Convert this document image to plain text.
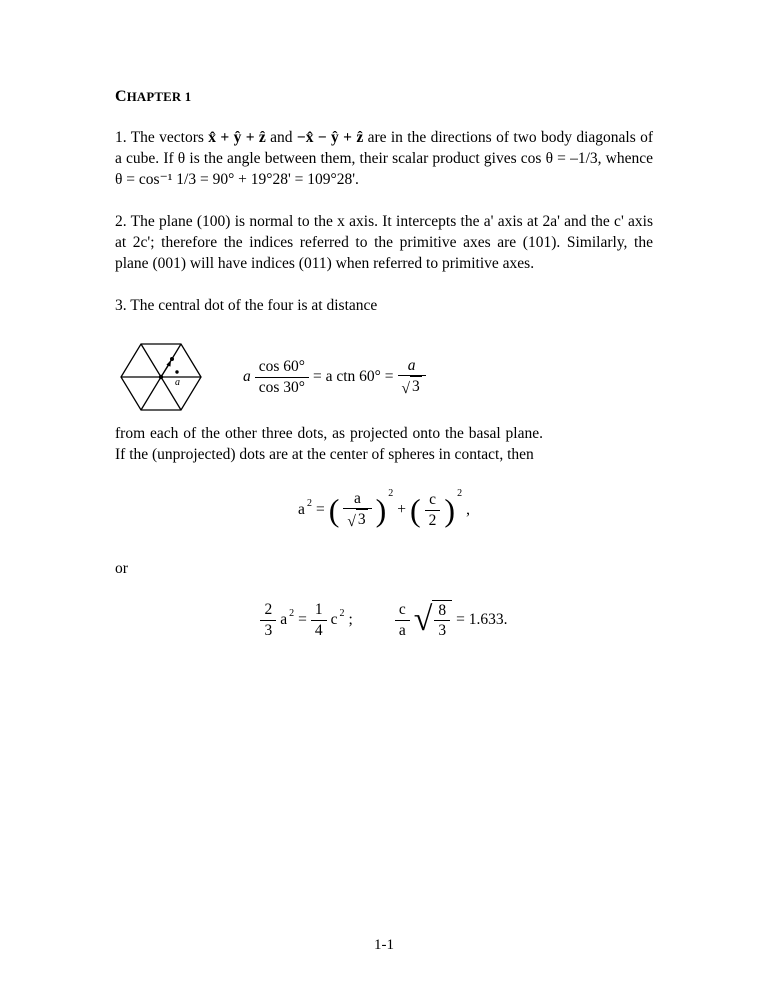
CHAPTER 1

1. The vectors x̂ + ŷ + ẑ and −x̂ − ŷ + ẑ are in the directions of two body diagonals of a cube. If θ is the angle between them, their scalar product gives cos θ = –1/3, whence θ = cos⁻¹ 1/3 = 90° + 19°28' = 109°28'.

2. The plane (100) is normal to the x axis. It intercepts the a' axis at 2a' and the c' axis at 2c'; therefore the indices referred to the primitive axes are (101). Similarly, the plane (001) will have indices (011) when referred to primitive axes.

3. The central dot of the four is at distance

a	a $\frac{\cos 60^\circ}{\cos 30^\circ} = a$ ctn $60^\circ = \frac{a}{√ 3}$

from each of the other three dots, as projected onto the basal plane. If the (unprojected) dots are at the center of spheres in contact, then

a 2 = ( $\frac{a}{√ 3}$ ) 2
+ ( $\frac{c}{2}$ ) 2
,

or

$\frac{2}{3}$ a $2 = \frac{1}{4}$ c 2 ;	$\frac{c}{a}$ √ $\frac{8}{3} = 1.633$.
1-1
